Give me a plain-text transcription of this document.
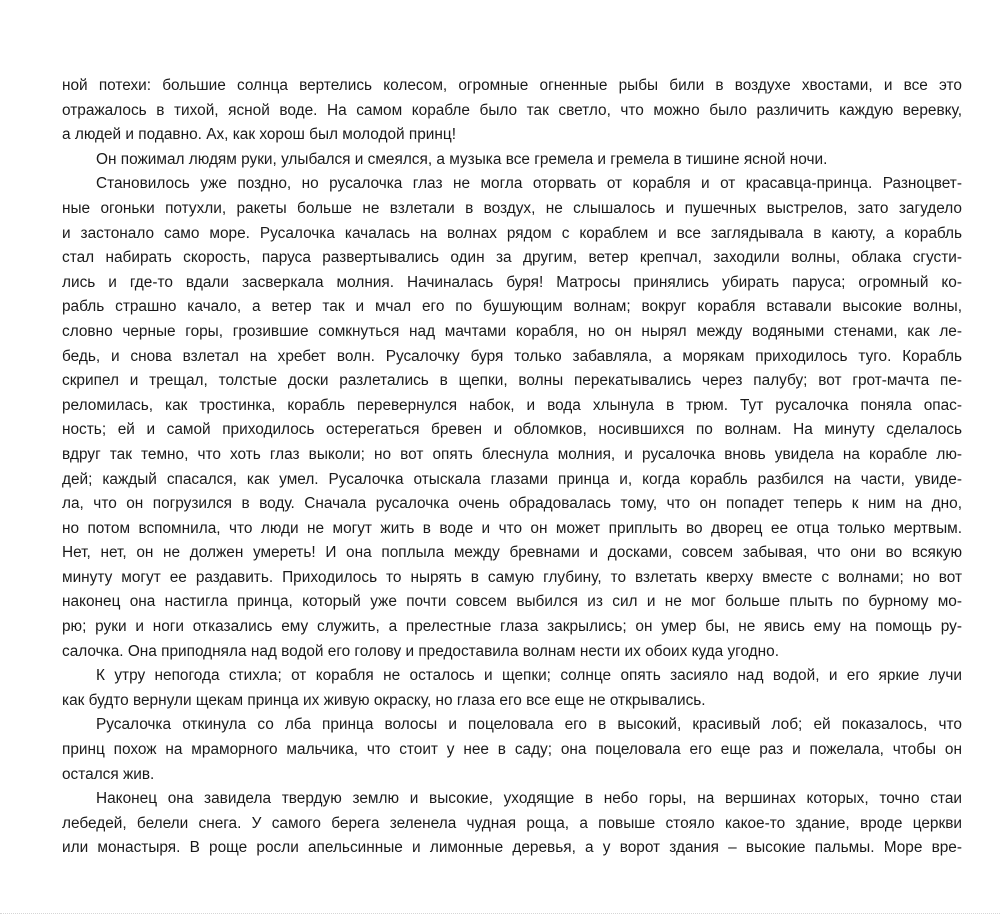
ной потехи: большие солнца вертелись колесом, огромные огненные рыбы били в воздухе хвостами, и все это
отражалось в тихой, ясной воде. На самом корабле было так светло, что можно было различить каждую веревку,
а людей и подавно. Ах, как хорош был молодой принц!
Он пожимал людям руки, улыбался и смеялся, а музыка все гремела и гремела в тишине ясной ночи.
Становилось уже поздно, но русалочка глаз не могла оторвать от корабля и от красавца-принца. Разноцвет-
ные огоньки потухли, ракеты больше не взлетали в воздух, не слышалось и пушечных выстрелов, зато загудело
и застонало само море. Русалочка качалась на волнах рядом с кораблем и все заглядывала в каюту, а корабль
стал набирать скорость, паруса развертывались один за другим, ветер крепчал, заходили волны, облака сгусти-
лись и где-то вдали засверкала молния. Начиналась буря! Матросы принялись убирать паруса; огромный ко-
рабль страшно качало, а ветер так и мчал его по бушующим волнам; вокруг корабля вставали высокие волны,
словно черные горы, грозившие сомкнуться над мачтами корабля, но он нырял между водяными стенами, как ле-
бедь, и снова взлетал на хребет волн. Русалочку буря только забавляла, а морякам приходилось туго. Корабль
скрипел и трещал, толстые доски разлетались в щепки, волны перекатывались через палубу; вот грот-мачта пе-
реломилась, как тростинка, корабль перевернулся набок, и вода хлынула в трюм. Тут русалочка поняла опас-
ность; ей и самой приходилось остерегаться бревен и обломков, носившихся по волнам. На минуту сделалось
вдруг так темно, что хоть глаз выколи; но вот опять блеснула молния, и русалочка вновь увидела на корабле лю-
дей; каждый спасался, как умел. Русалочка отыскала глазами принца и, когда корабль разбился на части, увиде-
ла, что он погрузился в воду. Сначала русалочка очень обрадовалась тому, что он попадет теперь к ним на дно,
но потом вспомнила, что люди не могут жить в воде и что он может приплыть во дворец ее отца только мертвым.
Нет, нет, он не должен умереть! И она поплыла между бревнами и досками, совсем забывая, что они во всякую
минуту могут ее раздавить. Приходилось то нырять в самую глубину, то взлетать кверху вместе с волнами; но вот
наконец она настигла принца, который уже почти совсем выбился из сил и не мог больше плыть по бурному мо-
рю; руки и ноги отказались ему служить, а прелестные глаза закрылись; он умер бы, не явись ему на помощь ру-
салочка. Она приподняла над водой его голову и предоставила волнам нести их обоих куда угодно.
К утру непогода стихла; от корабля не осталось и щепки; солнце опять засияло над водой, и его яркие лучи
как будто вернули щекам принца их живую окраску, но глаза его все еще не открывались.
Русалочка откинула со лба принца волосы и поцеловала его в высокий, красивый лоб; ей показалось, что
принц похож на мраморного мальчика, что стоит у нее в саду; она поцеловала его еще раз и пожелала, чтобы он
остался жив.
Наконец она завидела твердую землю и высокие, уходящие в небо горы, на вершинах которых, точно стаи
лебедей, белели снега. У самого берега зеленела чудная роща, а повыше стояло какое-то здание, вроде церкви
или монастыря. В роще росли апельсинные и лимонные деревья, а у ворот здания – высокие пальмы. Море вре-
